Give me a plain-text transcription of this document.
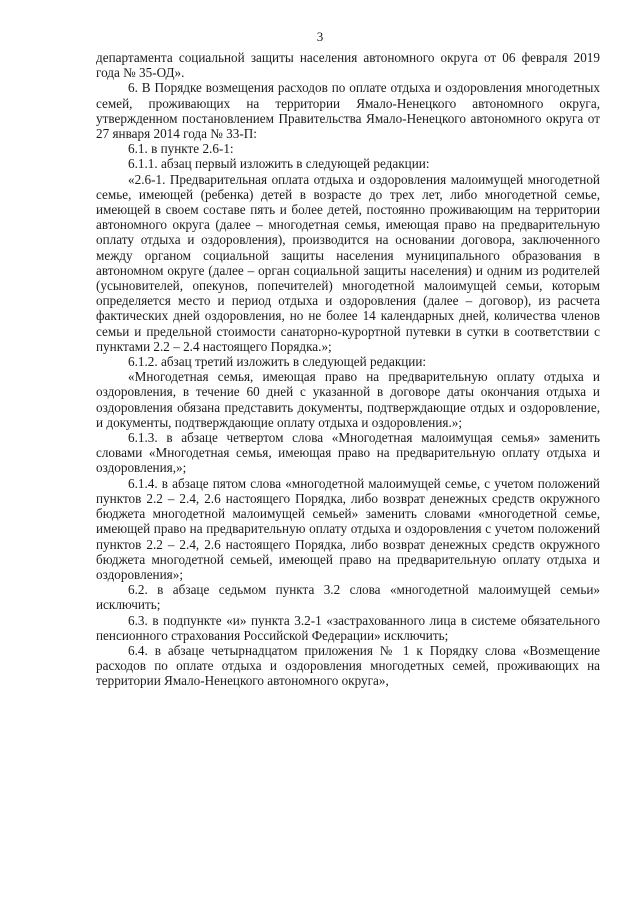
3

департамента социальной защиты населения автономного округа от 06 февраля 2019 года № 35-ОД».

6. В Порядке возмещения расходов по оплате отдыха и оздоровления многодетных семей, проживающих на территории Ямало-Ненецкого автономного округа, утвержденном постановлением Правительства Ямало-Ненецкого автономного округа от 27 января 2014 года № 33-П:

6.1. в пункте 2.6-1:

6.1.1. абзац первый изложить в следующей редакции:

«2.6-1. Предварительная оплата отдыха и оздоровления малоимущей многодетной семье, имеющей (ребенка) детей в возрасте до трех лет, либо многодетной семье, имеющей в своем составе пять и более детей, постоянно проживающим на территории автономного округа (далее – многодетная семья, имеющая право на предварительную оплату отдыха и оздоровления), производится на основании договора, заключенного между органом социальной защиты населения муниципального образования в автономном округе (далее – орган социальной защиты населения) и одним из родителей (усыновителей, опекунов, попечителей) многодетной малоимущей семьи, которым определяется место и период отдыха и оздоровления (далее – договор), из расчета фактических дней оздоровления, но не более 14 календарных дней, количества членов семьи и предельной стоимости санаторно-курортной путевки в сутки в соответствии с пунктами 2.2 – 2.4 настоящего Порядка.»;

6.1.2. абзац третий изложить в следующей редакции:

«Многодетная семья, имеющая право на предварительную оплату отдыха и оздоровления, в течение 60 дней с указанной в договоре даты окончания отдыха и оздоровления обязана представить документы, подтверждающие отдых и оздоровление, и документы, подтверждающие оплату отдыха и оздоровления.»;

6.1.3. в абзаце четвертом слова «Многодетная малоимущая семья» заменить словами «Многодетная семья, имеющая право на предварительную оплату отдыха и оздоровления,»;

6.1.4. в абзаце пятом слова «многодетной малоимущей семье, с учетом положений пунктов 2.2 – 2.4, 2.6 настоящего Порядка, либо возврат денежных средств окружного бюджета многодетной малоимущей семьей» заменить словами «многодетной семье, имеющей право на предварительную оплату отдыха и оздоровления с учетом положений пунктов 2.2 – 2.4, 2.6 настоящего Порядка, либо возврат денежных средств окружного бюджета многодетной семьей, имеющей право на предварительную оплату отдыха и оздоровления»;

6.2. в абзаце седьмом пункта 3.2 слова «многодетной малоимущей семьи» исключить;

6.3. в подпункте «и» пункта 3.2-1 «застрахованного лица в системе обязательного пенсионного страхования Российской Федерации» исключить;

6.4. в абзаце четырнадцатом приложения № 1 к Порядку слова «Возмещение расходов по оплате отдыха и оздоровления многодетных семей, проживающих на территории Ямало-Ненецкого автономного округа»,
